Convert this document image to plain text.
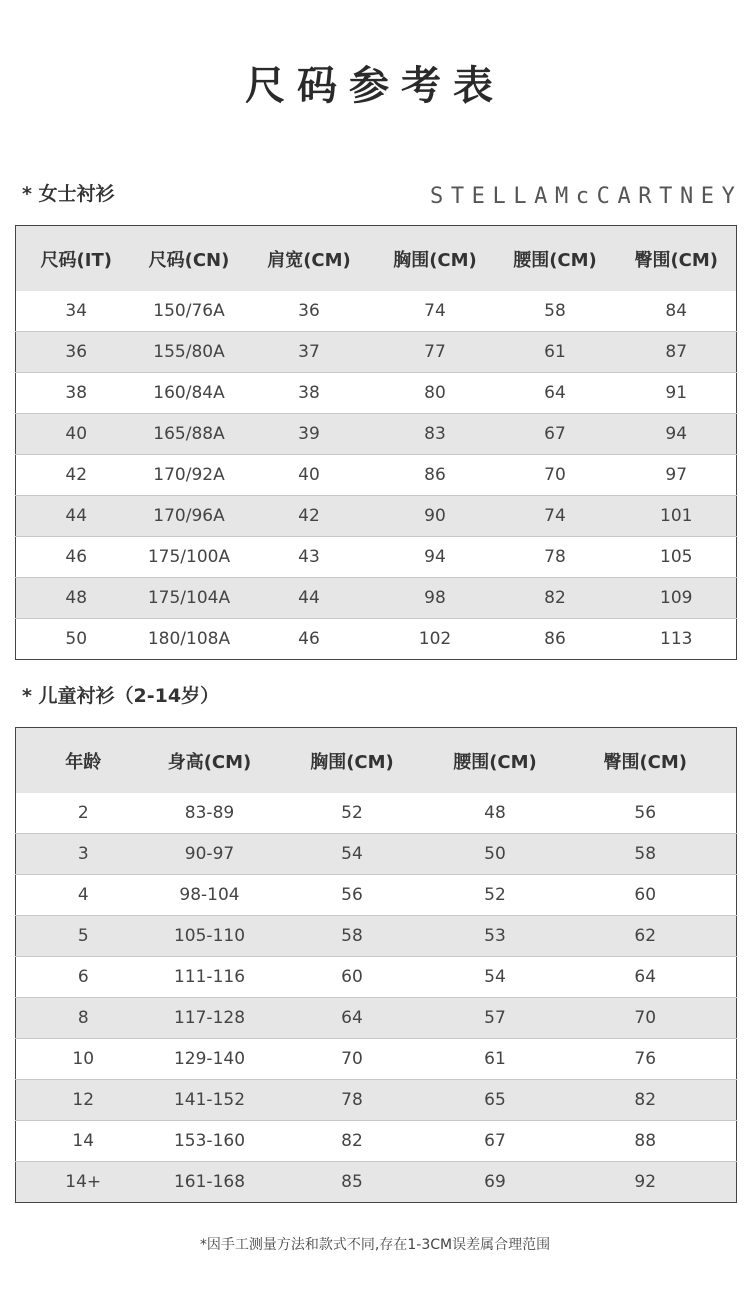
尺码参考表
* 女士衬衫	S T E L L A M c C A R T N E Y
尺码(IT)	尺码(CN)	肩宽(CM)	胸围(CM)	腰围(CM)	臀围(CM)
34	150/76A	36	74	58	84
36	155/80A	37	77	61	87
38	160/84A	38	80	64	91
40	165/88A	39	83	67	94
42	170/92A	40	86	70	97
44	170/96A	42	90	74	101
46	175/100A	43	94	78	105
48	175/104A	44	98	82	109
50	180/108A	46	102	86	113
* 儿童衬衫（2-14岁）
年龄	身高(CM)	胸围(CM)	腰围(CM)	臀围(CM)
2	83-89	52	48	56
3	90-97	54	50	58
4	98-104	56	52	60
5	105-110	58	53	62
6	111-116	60	54	64
8	117-128	64	57	70
10	129-140	70	61	76
12	141-152	78	65	82
14	153-160	82	67	88
14+	161-168	85	69	92
*因手工测量方法和款式不同,存在1-3CM误差属合理范围
